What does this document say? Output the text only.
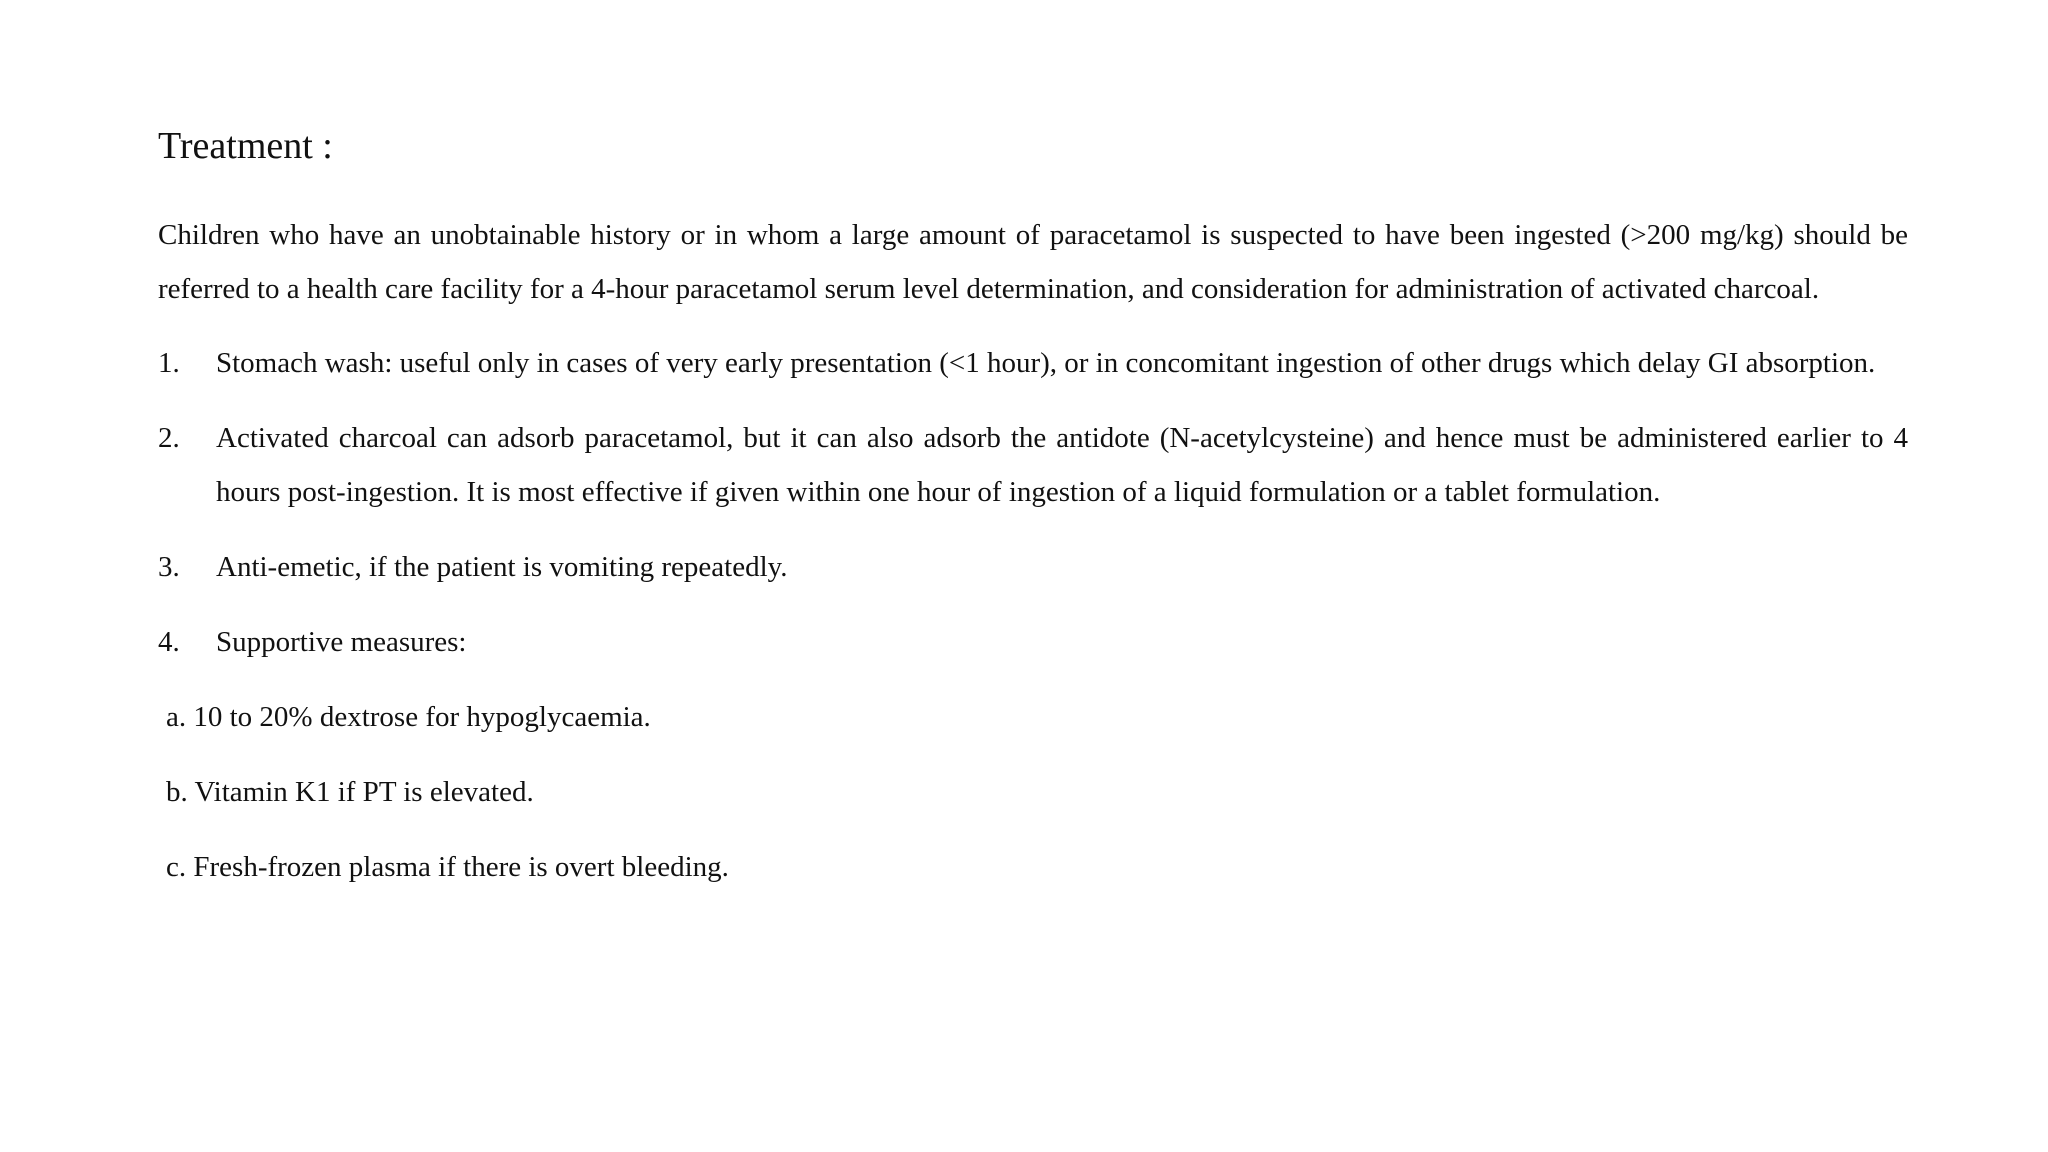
Treatment :

Children who have an unobtainable history or in whom a large amount of paracetamol is suspected to have been ingested (>200 mg/kg) should be referred to a health care facility for a 4-hour paracetamol serum level determination, and consideration for administration of activated charcoal.

1.	Stomach wash: useful only in cases of very early presentation (<1 hour), or in concomitant ingestion of other drugs which delay GI absorption.
2.	Activated charcoal can adsorb paracetamol, but it can also adsorb the antidote (N-acetylcysteine) and hence must be administered earlier to 4 hours post-ingestion. It is most effective if given within one hour of ingestion of a liquid formulation or a tablet formulation.
3.	Anti-emetic, if the patient is vomiting repeatedly.
4.	Supportive measures:
a. 10 to 20% dextrose for hypoglycaemia.
b. Vitamin K1 if PT is elevated.
c. Fresh-frozen plasma if there is overt bleeding.
